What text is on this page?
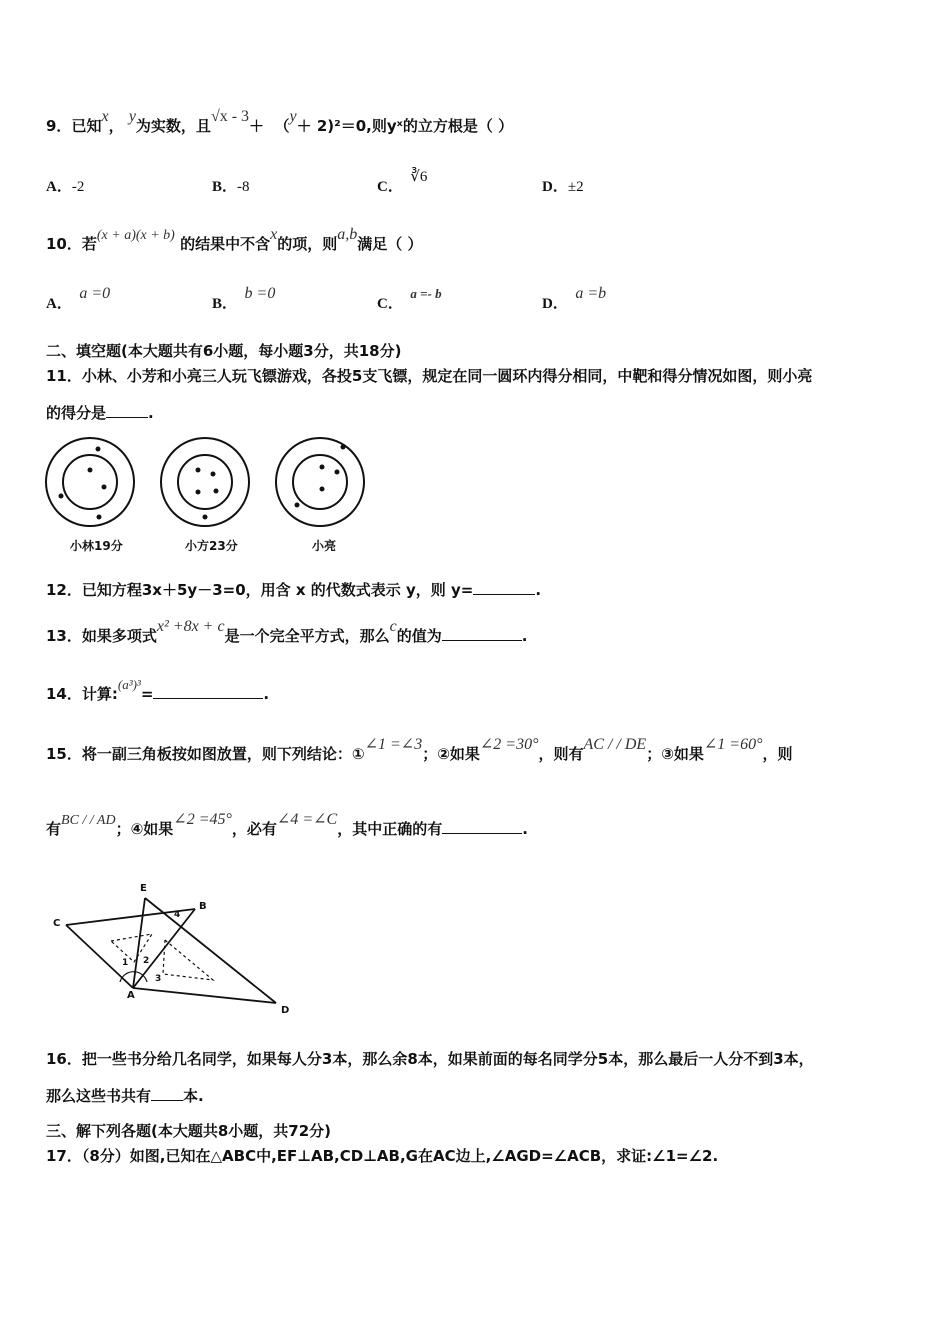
9．已知x， y为实数，且√x - 3＋ （y＋ 2)²＝0,则yˣ的立方根是（ ）
A．-2	B．-8	C．  ∛6
D．±2
10．若(x + a)(x + b) 的结果中不含x的项，则a,b满足（ ）
A．  a =0
B．  b =0
C．  a =- b
D．  a =b
二、填空题(本大题共有6小题，每小题3分，共18分)
11．小林、小芳和小亮三人玩飞镖游戏，各投5支飞镖，规定在同一圆环内得分相同，中靶和得分情况如图，则小亮
的得分是	.
小林19分	小方23分	小亮
12．已知方程3x＋5y－3=0，用含 x 的代数式表示 y，则 y=	.
13．如果多项式x² +8x + c是一个完全平方式，那么c的值为	.
14．计算:(a³)³=	.
15．将一副三角板按如图放置，则下列结论：①∠1 =∠3；②如果∠2 =30°，则有AC / / DE；③如果∠1 =60°，则
有BC / / AD；④如果∠2 =45°，必有∠4 =∠C，其中正确的有	.
E
B
C
A
D
1 2
3
4
16．把一些书分给几名同学，如果每人分3本，那么余8本，如果前面的每名同学分5本，那么最后一人分不到3本，
那么这些书共有 本.
三、解下列各题(本大题共8小题，共72分)
17．（8分）如图,已知在△ABC中,EF⊥AB,CD⊥AB,G在AC边上,∠AGD=∠ACB，求证:∠1=∠2.
